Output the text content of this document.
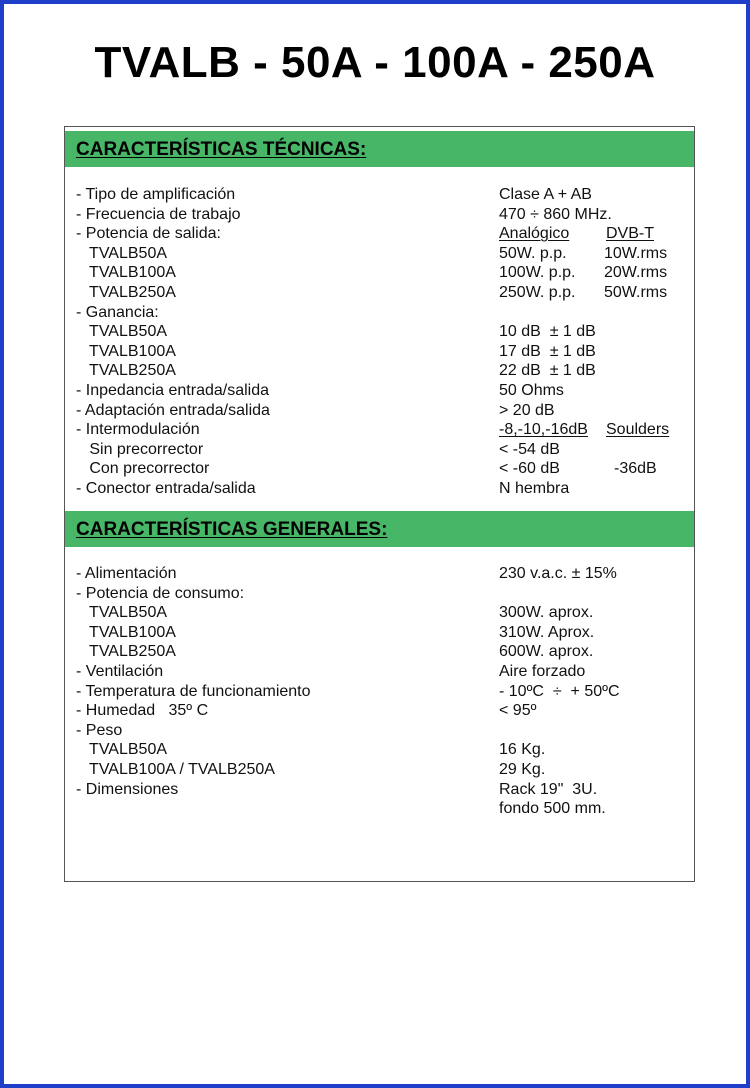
TVALB - 50A - 100A - 250A
CARACTERÍSTICAS TÉCNICAS:
- Tipo de amplificación	Clase A + AB
- Frecuencia de trabajo	470 ÷ 860 MHz.
- Potencia de salida:	Analógico DVB-T
TVALB50A	50W. p.p. 10W.rms
TVALB100A	100W. p.p. 20W.rms
TVALB250A	250W. p.p. 50W.rms
- Ganancia:
TVALB50A	10 dB  ± 1 dB
TVALB100A	17 dB  ± 1 dB
TVALB250A	22 dB  ± 1 dB
- Inpedancia entrada/salida	50 Ohms
- Adaptación entrada/salida	> 20 dB
- Intermodulación	-8,-10,-16dB Soulders
Sin precorrector	< -54 dB
Con precorrector	< -60 dB	-36dB
- Conector entrada/salida	N hembra
CARACTERÍSTICAS GENERALES:
- Alimentación	230 v.a.c. ± 15%
- Potencia de consumo:
TVALB50A	300W. aprox.
TVALB100A	310W. Aprox.
TVALB250A	600W. aprox.
- Ventilación	Aire forzado
- Temperatura de funcionamiento	- 10ºC  ÷  + 50ºC
- Humedad   35º C	< 95º
- Peso
TVALB50A	16 Kg.
TVALB100A / TVALB250A	29 Kg.
- Dimensiones	Rack 19"  3U.
fondo 500 mm.
